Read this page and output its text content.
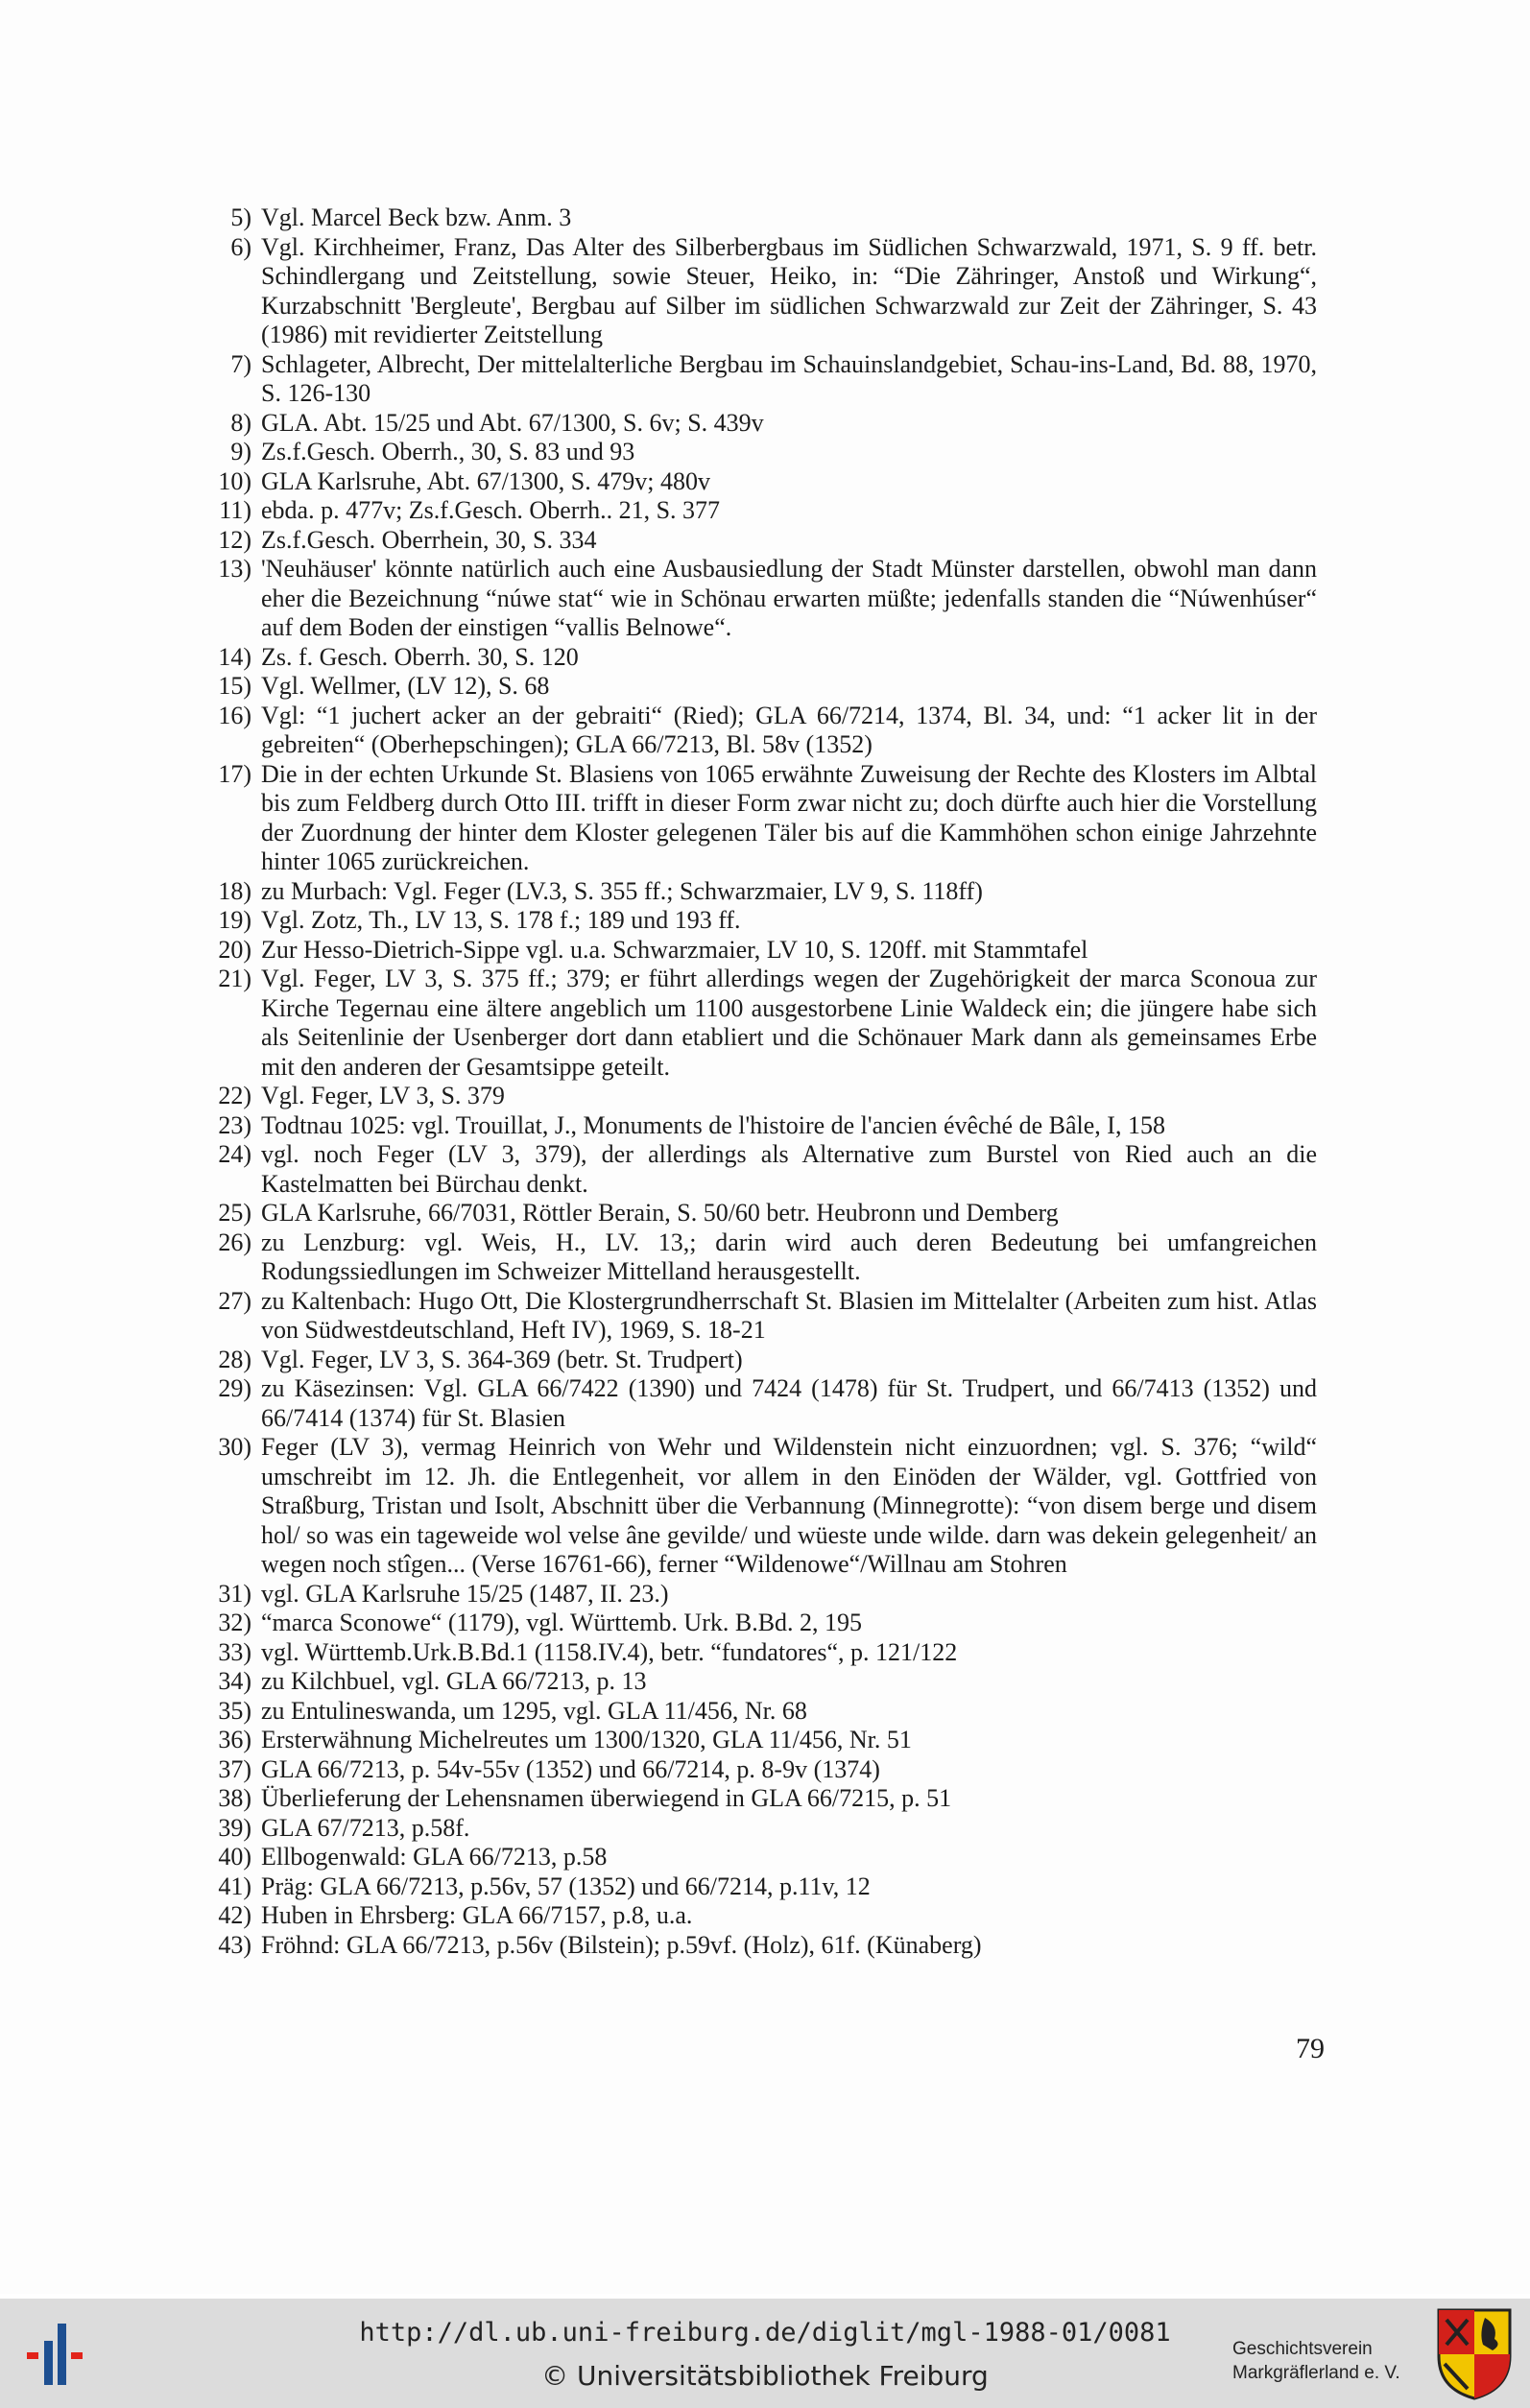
5) Vgl. Marcel Beck bzw. Anm. 3
6) Vgl. Kirchheimer, Franz, Das Alter des Silberbergbaus im Südlichen Schwarzwald, 1971, S. 9 ff. betr. Schindlergang und Zeitstellung, sowie Steuer, Heiko, in: “Die Zähringer, Anstoß und Wirkung“, Kurzabschnitt 'Bergleute', Bergbau auf Silber im südlichen Schwarzwald zur Zeit der Zähringer, S. 43 (1986) mit revidierter Zeitstellung
7) Schlageter, Albrecht, Der mittelalterliche Bergbau im Schauinslandgebiet, Schau-ins-Land, Bd. 88, 1970, S. 126-130
8) GLA. Abt. 15/25 und Abt. 67/1300, S. 6v; S. 439v
9) Zs.f.Gesch. Oberrh., 30, S. 83 und 93
10) GLA Karlsruhe, Abt. 67/1300, S. 479v; 480v
11) ebda. p. 477v; Zs.f.Gesch. Oberrh.. 21, S. 377
12) Zs.f.Gesch. Oberrhein, 30, S. 334
13) 'Neuhäuser' könnte natürlich auch eine Ausbausiedlung der Stadt Münster darstellen, obwohl man dann eher die Bezeichnung “núwe stat“ wie in Schönau erwarten müßte; jedenfalls standen die “Núwenhúser“ auf dem Boden der einstigen “vallis Belnowe“.
14) Zs. f. Gesch. Oberrh. 30, S. 120
15) Vgl. Wellmer, (LV 12), S. 68
16) Vgl: “1 juchert acker an der gebraiti“ (Ried); GLA 66/7214, 1374, Bl. 34, und: “1 acker lit in der gebreiten“ (Oberhepschingen); GLA 66/7213, Bl. 58v (1352)
17) Die in der echten Urkunde St. Blasiens von 1065 erwähnte Zuweisung der Rechte des Klosters im Albtal bis zum Feldberg durch Otto III. trifft in dieser Form zwar nicht zu; doch dürfte auch hier die Vorstellung der Zuordnung der hinter dem Kloster gelegenen Täler bis auf die Kammhöhen schon einige Jahrzehnte hinter 1065 zurückreichen.
18) zu Murbach: Vgl. Feger (LV.3, S. 355 ff.; Schwarzmaier, LV 9, S. 118ff)
19) Vgl. Zotz, Th., LV 13, S. 178 f.; 189 und 193 ff.
20) Zur Hesso-Dietrich-Sippe vgl. u.a. Schwarzmaier, LV 10, S. 120ff. mit Stammtafel
21) Vgl. Feger, LV 3, S. 375 ff.; 379; er führt allerdings wegen der Zugehörigkeit der marca Sconoua zur Kirche Tegernau eine ältere angeblich um 1100 ausgestorbene Linie Waldeck ein; die jüngere habe sich als Seitenlinie der Usenberger dort dann etabliert und die Schönauer Mark dann als gemeinsames Erbe mit den anderen der Gesamtsippe geteilt.
22) Vgl. Feger, LV 3, S. 379
23) Todtnau 1025: vgl. Trouillat, J., Monuments de l'histoire de l'ancien évêché de Bâle, I, 158
24) vgl. noch Feger (LV 3, 379), der allerdings als Alternative zum Burstel von Ried auch an die Kastelmatten bei Bürchau denkt.
25) GLA Karlsruhe, 66/7031, Röttler Berain, S. 50/60 betr. Heubronn und Demberg
26) zu Lenzburg: vgl. Weis, H., LV. 13,; darin wird auch deren Bedeutung bei umfangreichen Rodungssiedlungen im Schweizer Mittelland herausgestellt.
27) zu Kaltenbach: Hugo Ott, Die Klostergrundherrschaft St. Blasien im Mittelalter (Arbeiten zum hist. Atlas von Südwestdeutschland, Heft IV), 1969, S. 18-21
28) Vgl. Feger, LV 3, S. 364-369 (betr. St. Trudpert)
29) zu Käsezinsen: Vgl. GLA 66/7422 (1390) und 7424 (1478) für St. Trudpert, und 66/7413 (1352) und 66/7414 (1374) für St. Blasien
30) Feger (LV 3), vermag Heinrich von Wehr und Wildenstein nicht einzuordnen; vgl. S. 376; “wild“ umschreibt im 12. Jh. die Entlegenheit, vor allem in den Einöden der Wälder, vgl. Gottfried von Straßburg, Tristan und Isolt, Abschnitt über die Verbannung (Minnegrotte): “von disem berge und disem hol/ so was ein tageweide wol velse âne gevilde/ und wüeste unde wilde. darn was dekein gelegenheit/ an wegen noch stîgen... (Verse 16761-66), ferner “Wildenowe“/Willnau am Stohren
31) vgl. GLA Karlsruhe 15/25 (1487, II. 23.)
32) “marca Sconowe“ (1179), vgl. Württemb. Urk. B.Bd. 2, 195
33) vgl. Württemb.Urk.B.Bd.1 (1158.IV.4), betr. “fundatores“, p. 121/122
34) zu Kilchbuel, vgl. GLA 66/7213, p. 13
35) zu Entulineswanda, um 1295, vgl. GLA 11/456, Nr. 68
36) Ersterwähnung Michelreutes um 1300/1320, GLA 11/456, Nr. 51
37) GLA 66/7213, p. 54v-55v (1352) und 66/7214, p. 8-9v (1374)
38) Überlieferung der Lehensnamen überwiegend in GLA 66/7215, p. 51
39) GLA 67/7213, p.58f.
40) Ellbogenwald: GLA 66/7213, p.58
41) Präg: GLA 66/7213, p.56v, 57 (1352) und 66/7214, p.11v, 12
42) Huben in Ehrsberg: GLA 66/7157, p.8, u.a.
43) Fröhnd: GLA 66/7213, p.56v (Bilstein); p.59vf. (Holz), 61f. (Künaberg)
79
http://dl.ub.uni-freiburg.de/diglit/mgl-1988-01/0081
© Universitätsbibliothek Freiburg
Geschichtsverein
Markgräflerland e. V.
